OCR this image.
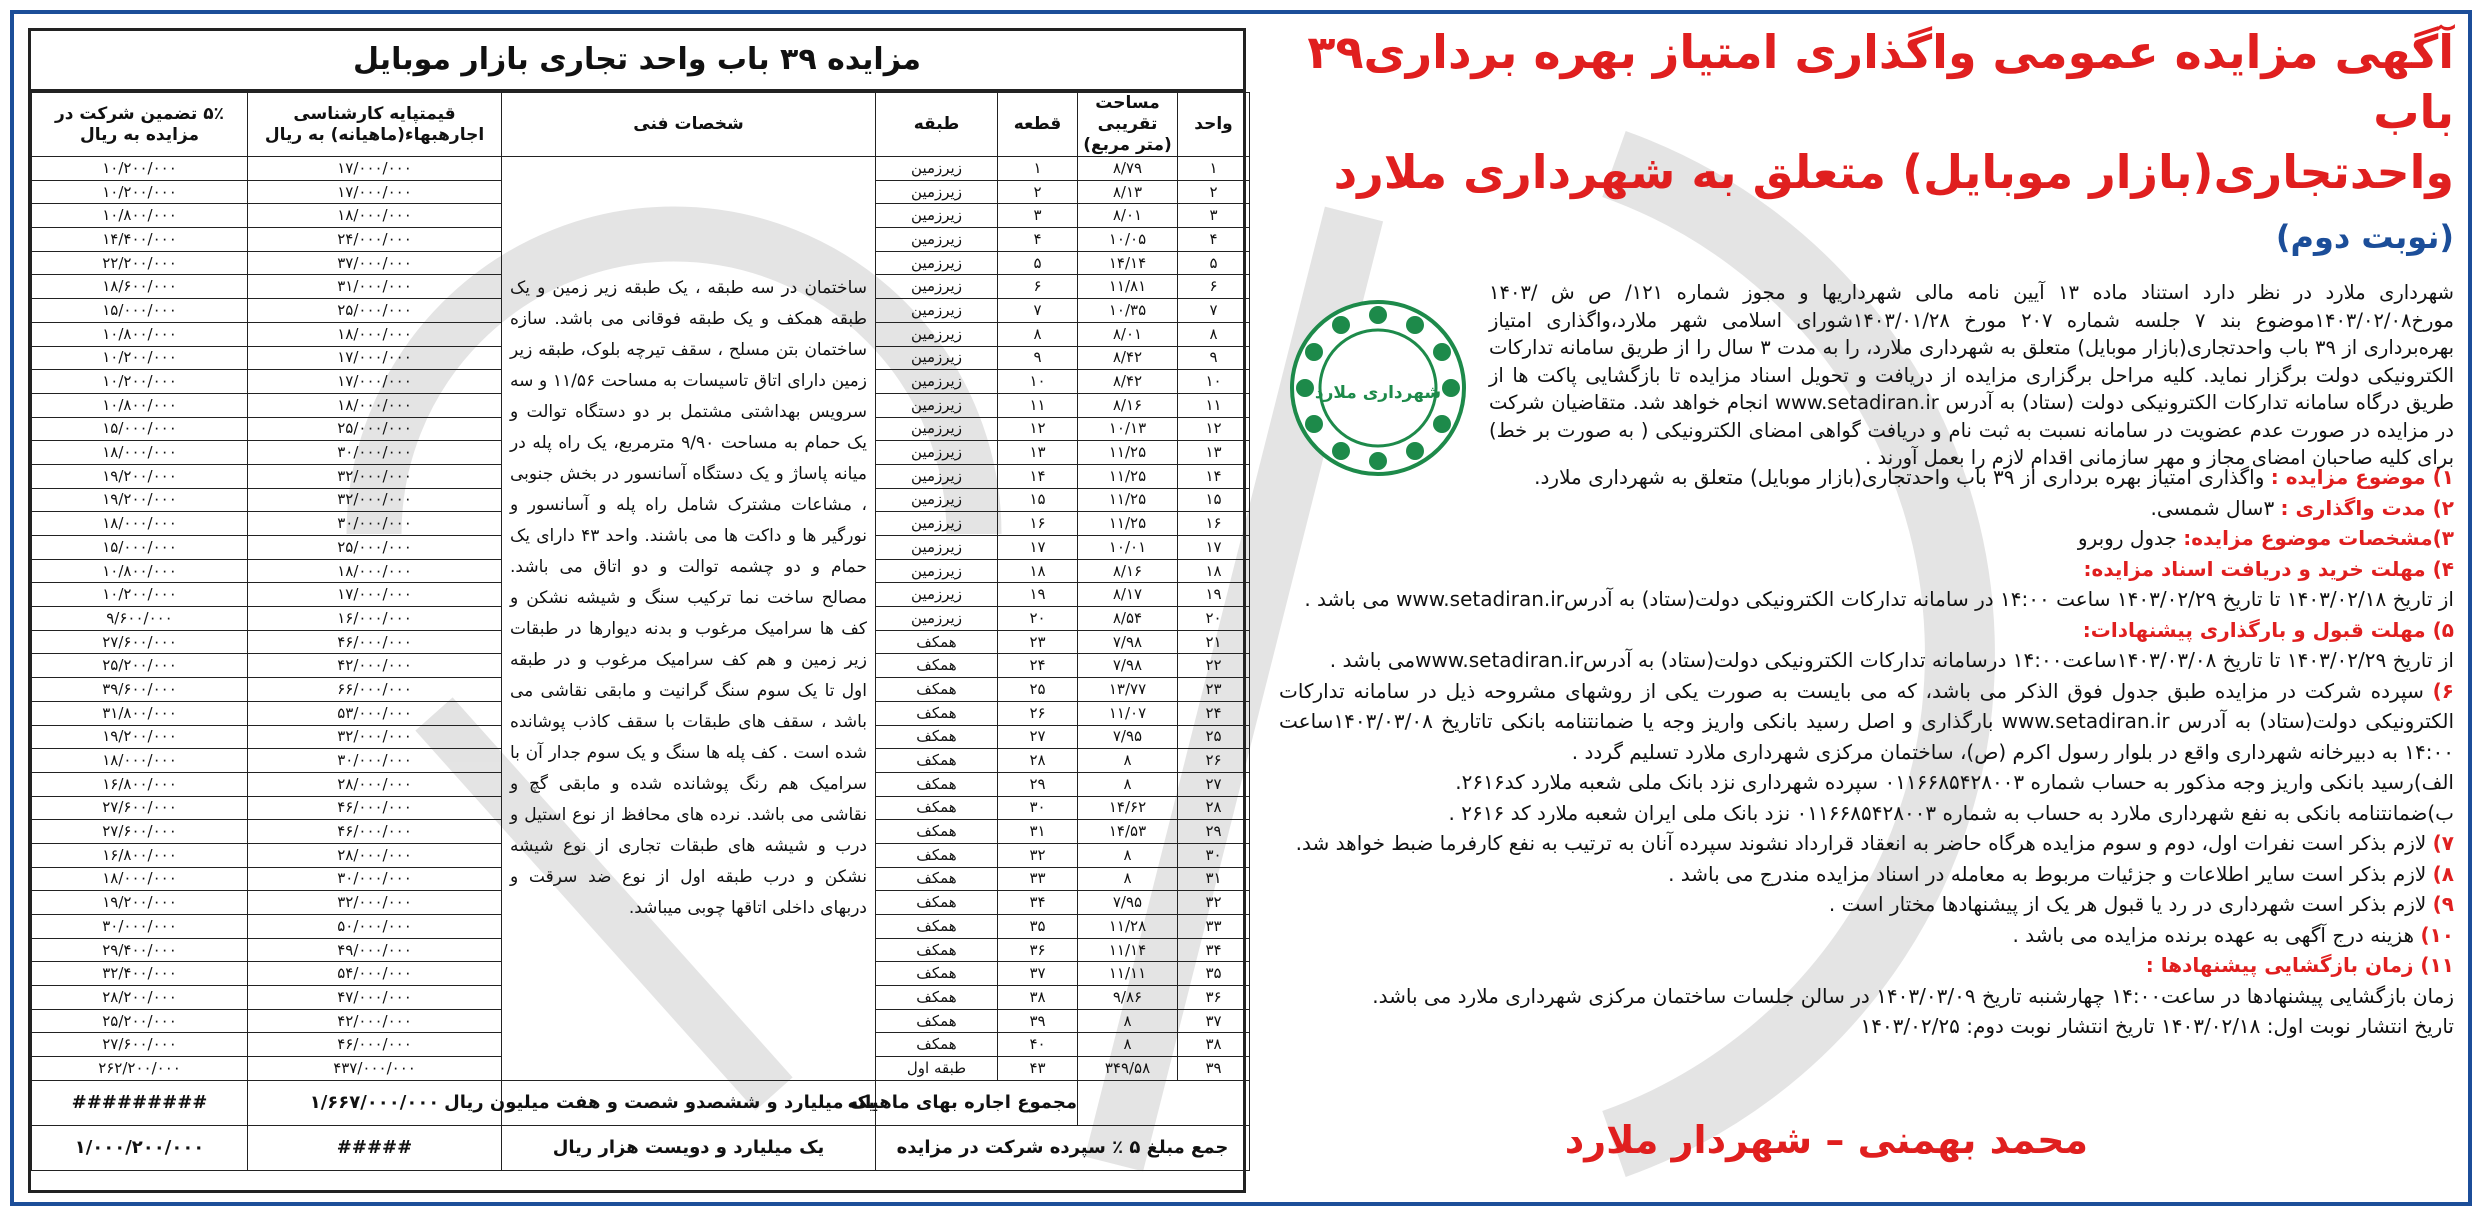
آگهی مزایده عمومی واگذاری امتیاز بهره برداری۳۹ باب
واحدتجاری(بازار موبایل) متعلق به شهرداری ملارد (نوبت دوم)

شهرداری ملارد در نظر دارد استناد ماده ۱۳ آیین نامه مالی شهرداریها و مجوز شماره ۱۲۱/ ص ش /۱۴۰۳ مورخ۱۴۰۳/۰۲/۰۸موضوع بند ۷ جلسه شماره ۲۰۷ مورخ ۱۴۰۳/۰۱/۲۸شورای اسلامی شهر ملارد،واگذاری امتیاز بهره‌برداری از ۳۹ باب واحدتجاری(بازار موبایل) متعلق به شهرداری ملارد، را به مدت ۳ سال را از طریق سامانه تدارکات الکترونیکی دولت برگزار نماید. کلیه مراحل برگزاری مزایده از دریافت و تحویل اسناد مزایده تا بازگشایی پاکت ها از طریق درگاه سامانه تدارکات الکترونیکی دولت (ستاد) به آدرس www.setadiran.ir انجام خواهد شد. متقاضیان شرکت در مزایده در صورت عدم عضویت در سامانه نسبت به ثبت نام و دریافت گواهی امضای الکترونیکی ( به صورت بر خط) برای کلیه صاحبان امضای مجاز و مهر سازمانی اقدام لازم را بعمل آورند .

شهرداری ملارد

۱) موضوع مزایده : واگذاری امتیاز بهره برداری از ۳۹ باب واحدتجاری(بازار موبایل) متعلق به شهرداری ملارد.

۲) مدت واگذاری : ۳سال شمسی.

۳)مشخصات موضوع مزایده: جدول روبرو

۴) مهلت خرید و دریافت اسناد مزایده:

از تاریخ ۱۴۰۳/۰۲/۱۸ تا تاریخ ۱۴۰۳/۰۲/۲۹ ساعت ۱۴:۰۰ در سامانه تدارکات الکترونیکی دولت(ستاد) به آدرسwww.setadiran.ir می باشد .

۵) مهلت قبول و بارگذاری پیشنهادات:

از تاریخ ۱۴۰۳/۰۲/۲۹ تا تاریخ ۱۴۰۳/۰۳/۰۸ساعت۱۴:۰۰ درسامانه تدارکات الکترونیکی دولت(ستاد) به آدرسwww.setadiran.irمی باشد .

۶) سپرده شرکت در مزایده طبق جدول فوق الذکر می باشد، که می بایست به صورت یکی از روشهای مشروحه ذیل در سامانه تدارکات الکترونیکی دولت(ستاد) به آدرس www.setadiran.ir بارگذاری و اصل رسید بانکی واریز وجه یا ضمانتنامه بانکی تاتاریخ ۱۴۰۳/۰۳/۰۸ساعت ۱۴:۰۰ به دبیرخانه شهرداری واقع در بلوار رسول اکرم (ص)، ساختمان مرکزی شهرداری ملارد تسلیم گردد .

الف)رسید بانکی واریز وجه مذکور به حساب شماره ۰۱۱۶۶۸۵۴۲۸۰۰۳ سپرده شهرداری نزد بانک ملی شعبه ملارد کد۲۶۱۶.

ب)ضمانتنامه بانکی به نفع شهرداری ملارد به حساب به شماره ۰۱۱۶۶۸۵۴۲۸۰۰۳ نزد بانک ملی ایران شعبه ملارد کد ۲۶۱۶ .

۷) لازم بذکر است نفرات اول، دوم و سوم مزایده هرگاه حاضر به انعقاد قرارداد نشوند سپرده آنان به ترتیب به نفع کارفرما ضبط خواهد شد.

۸) لازم بذکر است سایر اطلاعات و جزئیات مربوط به معامله در اسناد مزایده مندرج می باشد .

۹) لازم بذکر است شهرداری در رد یا قبول هر یک از پیشنهادها مختار است .

۱۰) هزینه درج آگهی به عهده برنده مزایده می باشد .

۱۱) زمان بازگشایی پیشنهادها :

زمان بازگشایی پیشنهادها در ساعت۱۴:۰۰ چهارشنبه تاریخ ۱۴۰۳/۰۳/۰۹ در سالن جلسات ساختمان مرکزی شهرداری ملارد می باشد.

تاریخ انتشار نوبت اول: ۱۴۰۳/۰۲/۱۸ تاریخ انتشار نوبت دوم: ۱۴۰۳/۰۲/۲۵

محمد بهمنی – شهردار ملارد
مزایده ۳۹ باب واحد تجاری بازار موبایل
واحد	مساحت تقریبی (متر مربع)	قطعه	طبقه	شخصات فنی	قیمتپایه کارشناسی اجارهبهاء(ماهیانه) به ریال	۵٪ تضمین شرکت در مزایده به ریال
۱	۸/۷۹	۱	زیرزمین	ساختمان در سه طبقه ، یک طبقه زیر زمین و یک طبقه همکف و یک طبقه فوقانی می باشد. سازه ساختمان بتن مسلح ، سقف تیرچه بلوک، طبقه زیر زمین دارای اتاق تاسیسات به مساحت ۱۱/۵۶ و سه سرویس بهداشتی مشتمل بر دو دستگاه توالت و یک حمام به مساحت ۹/۹۰ مترمربع، یک راه پله در میانه پاساژ و یک دستگاه آسانسور در بخش جنوبی ، مشاعات مشترک شامل راه پله و آسانسور و نورگیر ها و داکت ها می باشند. واحد ۴۳ دارای یک حمام و دو چشمه توالت و دو اتاق می باشد. مصالح ساخت نما ترکیب سنگ و شیشه نشکن و کف ها سرامیک مرغوب و بدنه دیوارها در طبقات زیر زمین و هم کف سرامیک مرغوب و در طبقه اول تا یک سوم سنگ گرانیت و مابقی نقاشی می باشد ، سقف های طبقات با سقف کاذب پوشانده شده است . کف پله ها سنگ و یک سوم جدار آن با سرامیک هم رنگ پوشانده شده و مابقی گچ و نقاشی می باشد. نرده های محافظ از نوع استیل و درب و شیشه های طبقات تجاری از نوع شیشه نشکن و درب طبقه اول از نوع ضد سرقت و دربهای داخلی اتاقها چوبی میباشد.	۱۷/۰۰۰/۰۰۰	۱۰/۲۰۰/۰۰۰
۲	۸/۱۳	۲	زیرزمین		۱۷/۰۰۰/۰۰۰	۱۰/۲۰۰/۰۰۰
۳	۸/۰۱	۳	زیرزمین		۱۸/۰۰۰/۰۰۰	۱۰/۸۰۰/۰۰۰
۴	۱۰/۰۵	۴	زیرزمین		۲۴/۰۰۰/۰۰۰	۱۴/۴۰۰/۰۰۰
۵	۱۴/۱۴	۵	زیرزمین		۳۷/۰۰۰/۰۰۰	۲۲/۲۰۰/۰۰۰
۶	۱۱/۸۱	۶	زیرزمین		۳۱/۰۰۰/۰۰۰	۱۸/۶۰۰/۰۰۰
۷	۱۰/۳۵	۷	زیرزمین		۲۵/۰۰۰/۰۰۰	۱۵/۰۰۰/۰۰۰
۸	۸/۰۱	۸	زیرزمین		۱۸/۰۰۰/۰۰۰	۱۰/۸۰۰/۰۰۰
۹	۸/۴۲	۹	زیرزمین		۱۷/۰۰۰/۰۰۰	۱۰/۲۰۰/۰۰۰
۱۰	۸/۴۲	۱۰	زیرزمین		۱۷/۰۰۰/۰۰۰	۱۰/۲۰۰/۰۰۰
۱۱	۸/۱۶	۱۱	زیرزمین		۱۸/۰۰۰/۰۰۰	۱۰/۸۰۰/۰۰۰
۱۲	۱۰/۱۳	۱۲	زیرزمین		۲۵/۰۰۰/۰۰۰	۱۵/۰۰۰/۰۰۰
۱۳	۱۱/۲۵	۱۳	زیرزمین		۳۰/۰۰۰/۰۰۰	۱۸/۰۰۰/۰۰۰
۱۴	۱۱/۲۵	۱۴	زیرزمین		۳۲/۰۰۰/۰۰۰	۱۹/۲۰۰/۰۰۰
۱۵	۱۱/۲۵	۱۵	زیرزمین		۳۲/۰۰۰/۰۰۰	۱۹/۲۰۰/۰۰۰
۱۶	۱۱/۲۵	۱۶	زیرزمین		۳۰/۰۰۰/۰۰۰	۱۸/۰۰۰/۰۰۰
۱۷	۱۰/۰۱	۱۷	زیرزمین		۲۵/۰۰۰/۰۰۰	۱۵/۰۰۰/۰۰۰
۱۸	۸/۱۶	۱۸	زیرزمین		۱۸/۰۰۰/۰۰۰	۱۰/۸۰۰/۰۰۰
۱۹	۸/۱۷	۱۹	زیرزمین		۱۷/۰۰۰/۰۰۰	۱۰/۲۰۰/۰۰۰
۲۰	۸/۵۴	۲۰	زیرزمین		۱۶/۰۰۰/۰۰۰	۹/۶۰۰/۰۰۰
۲۱	۷/۹۸	۲۳	همکف		۴۶/۰۰۰/۰۰۰	۲۷/۶۰۰/۰۰۰
۲۲	۷/۹۸	۲۴	همکف		۴۲/۰۰۰/۰۰۰	۲۵/۲۰۰/۰۰۰
۲۳	۱۳/۷۷	۲۵	همکف		۶۶/۰۰۰/۰۰۰	۳۹/۶۰۰/۰۰۰
۲۴	۱۱/۰۷	۲۶	همکف		۵۳/۰۰۰/۰۰۰	۳۱/۸۰۰/۰۰۰
۲۵	۷/۹۵	۲۷	همکف		۳۲/۰۰۰/۰۰۰	۱۹/۲۰۰/۰۰۰
۲۶	۸	۲۸	همکف		۳۰/۰۰۰/۰۰۰	۱۸/۰۰۰/۰۰۰
۲۷	۸	۲۹	همکف		۲۸/۰۰۰/۰۰۰	۱۶/۸۰۰/۰۰۰
۲۸	۱۴/۶۲	۳۰	همکف		۴۶/۰۰۰/۰۰۰	۲۷/۶۰۰/۰۰۰
۲۹	۱۴/۵۳	۳۱	همکف		۴۶/۰۰۰/۰۰۰	۲۷/۶۰۰/۰۰۰
۳۰	۸	۳۲	همکف		۲۸/۰۰۰/۰۰۰	۱۶/۸۰۰/۰۰۰
۳۱	۸	۳۳	همکف		۳۰/۰۰۰/۰۰۰	۱۸/۰۰۰/۰۰۰
۳۲	۷/۹۵	۳۴	همکف		۳۲/۰۰۰/۰۰۰	۱۹/۲۰۰/۰۰۰
۳۳	۱۱/۲۸	۳۵	همکف		۵۰/۰۰۰/۰۰۰	۳۰/۰۰۰/۰۰۰
۳۴	۱۱/۱۴	۳۶	همکف		۴۹/۰۰۰/۰۰۰	۲۹/۴۰۰/۰۰۰
۳۵	۱۱/۱۱	۳۷	همکف		۵۴/۰۰۰/۰۰۰	۳۲/۴۰۰/۰۰۰
۳۶	۹/۸۶	۳۸	همکف		۴۷/۰۰۰/۰۰۰	۲۸/۲۰۰/۰۰۰
۳۷	۸	۳۹	همکف		۴۲/۰۰۰/۰۰۰	۲۵/۲۰۰/۰۰۰
۳۸	۸	۴۰	همکف		۴۶/۰۰۰/۰۰۰	۲۷/۶۰۰/۰۰۰
۳۹	۳۴۹/۵۸	۴۳	طبقه اول		۴۳۷/۰۰۰/۰۰۰	۲۶۲/۲۰۰/۰۰۰
		مجموع اجاره بهای ماهیانه		یک میلیارد و ششصدو شصت و هفت میلیون ریال	۱/۶۶۷/۰۰۰/۰۰۰	#########
جمع مبلغ ۵ ٪ سپرده شرکت در مزایده				یک میلیارد و دویست هزار ریال	#####	۱/۰۰۰/۲۰۰/۰۰۰
